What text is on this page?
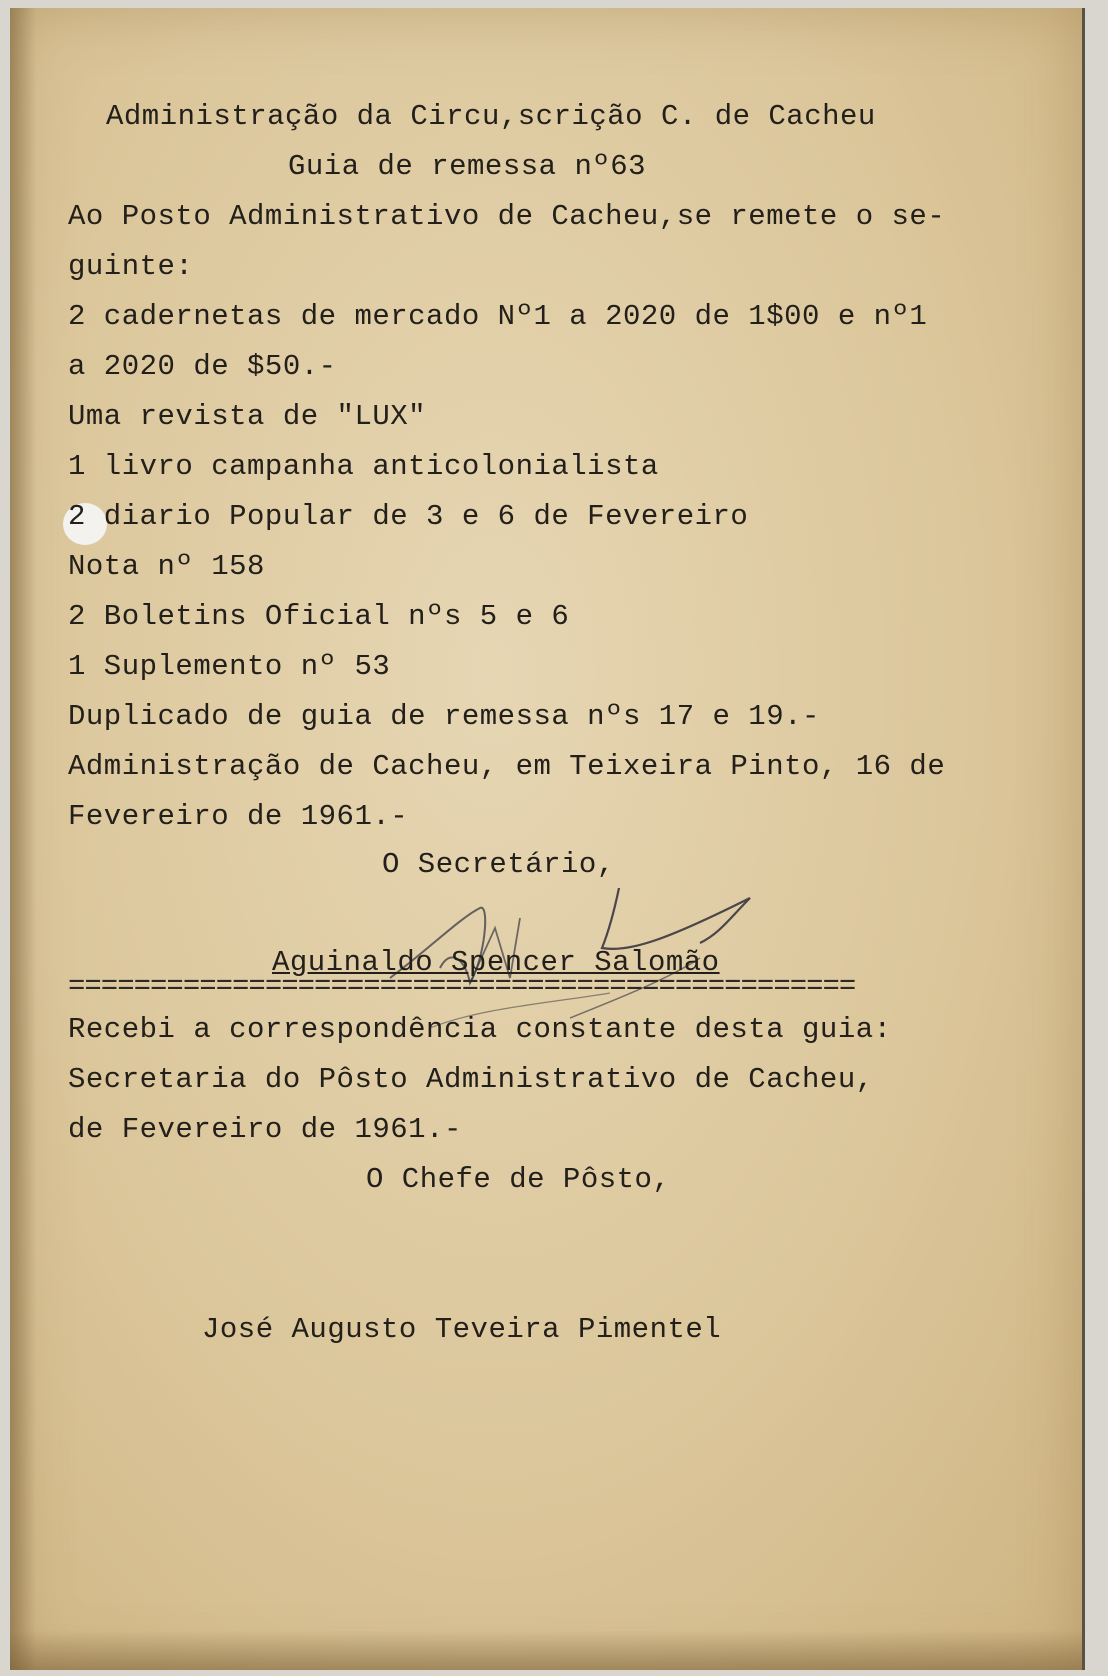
Administração da Circu,scrição C. de Cacheu

Guia de remessa nº63

Ao Posto Administrativo de Cacheu,se remete o se-

guinte:

2 cadernetas de mercado Nº1 a 2020 de 1$00 e nº1

a 2020 de $50.-

Uma revista de "LUX"

1 livro campanha anticolonialista

2 diario Popular de 3 e 6 de Fevereiro

Nota nº 158

2 Boletins Oficial nºs 5 e 6

1 Suplemento nº 53

Duplicado de guia de remessa nºs 17 e 19.-

Administração de Cacheu, em Teixeira Pinto, 16 de

Fevereiro de 1961.-

O Secretário,

Aguinaldo Spencer Salomão

================================================

Recebi a correspondência constante desta guia:

Secretaria do Pôsto Administrativo de Cacheu,

de Fevereiro de 1961.-

O Chefe de Pôsto,

José Augusto Teveira Pimentel
